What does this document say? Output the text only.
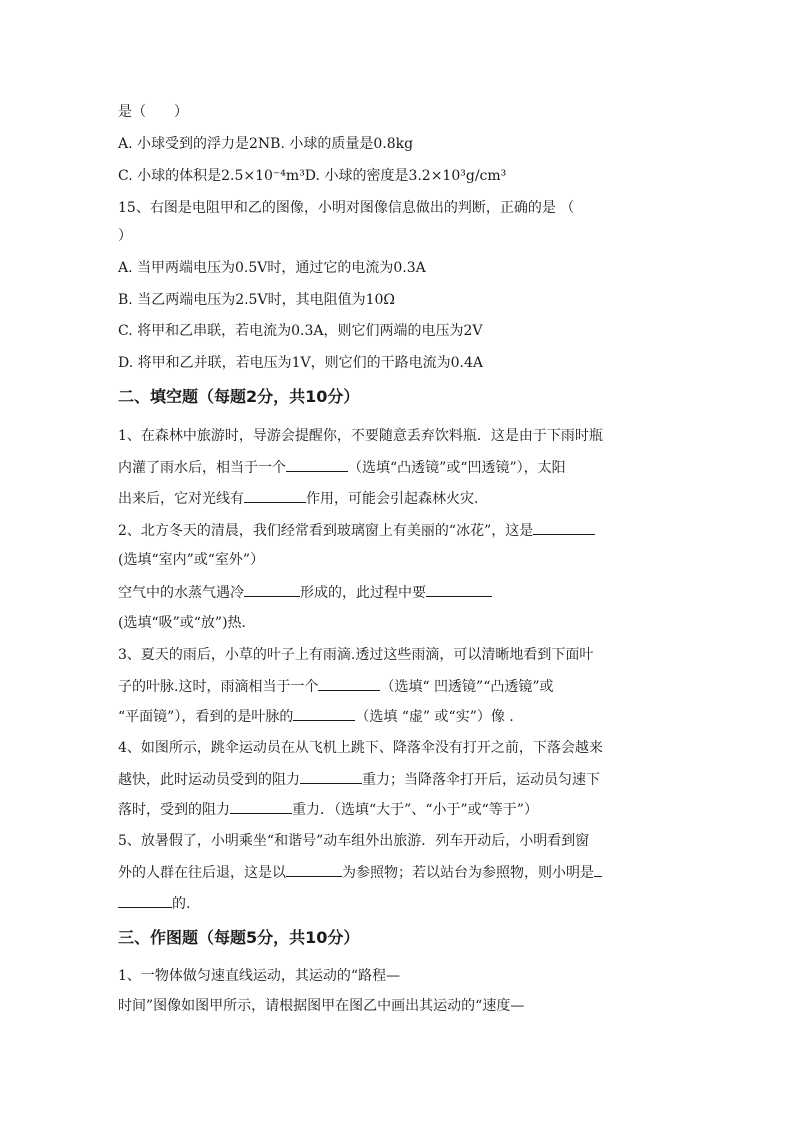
是（　　）
A. 小球受到的浮力是2NB. 小球的质量是0.8kg
C. 小球的体积是2.5×10⁻⁴m³D. 小球的密度是3.2×10³g/cm³
15、右图是电阻甲和乙的图像，小明对图像信息做出的判断，正确的是 （
）
A. 当甲两端电压为0.5V时，通过它的电流为0.3A
B. 当乙两端电压为2.5V时，其电阻值为10Ω
C. 将甲和乙串联，若电流为0.3A，则它们两端的电压为2V
D. 将甲和乙并联，若电压为1V，则它们的干路电流为0.4A
二、填空题（每题2分，共10分）
1、在森林中旅游时，导游会提醒你，不要随意丢弃饮料瓶．这是由于下雨时瓶
内灌了雨水后，相当于一个	（选填“凸透镜”或“凹透镜”），太阳
出来后，它对光线有	作用，可能会引起森林火灾.
2、北方冬天的清晨，我们经常看到玻璃窗上有美丽的“冰花”，这是
(选填“室内”或“室外”）
空气中的水蒸气遇冷	形成的，此过程中要
(选填“吸”或“放”)热.
3、夏天的雨后，小草的叶子上有雨滴.透过这些雨滴，可以清晰地看到下面叶
子的叶脉.这时，雨滴相当于一个	（选填“ 凹透镜”“凸透镜”或
“平面镜”），看到的是叶脉的	（选填 “虚” 或“实”）像 .
4、如图所示，跳伞运动员在从飞机上跳下、降落伞没有打开之前，下落会越来
越快，此时运动员受到的阻力	重力；当降落伞打开后，运动员匀速下
落时，受到的阻力	重力．（选填“大于”、“小于”或“等于”）
5、放暑假了，小明乘坐“和谐号”动车组外出旅游．列车开动后，小明看到窗
外的人群在往后退，这是以	为参照物；若以站台为参照物，则小明是
的.
三、作图题（每题5分，共10分）
1、一物体做匀速直线运动，其运动的“路程—
时间”图像如图甲所示，请根据图甲在图乙中画出其运动的“速度—
